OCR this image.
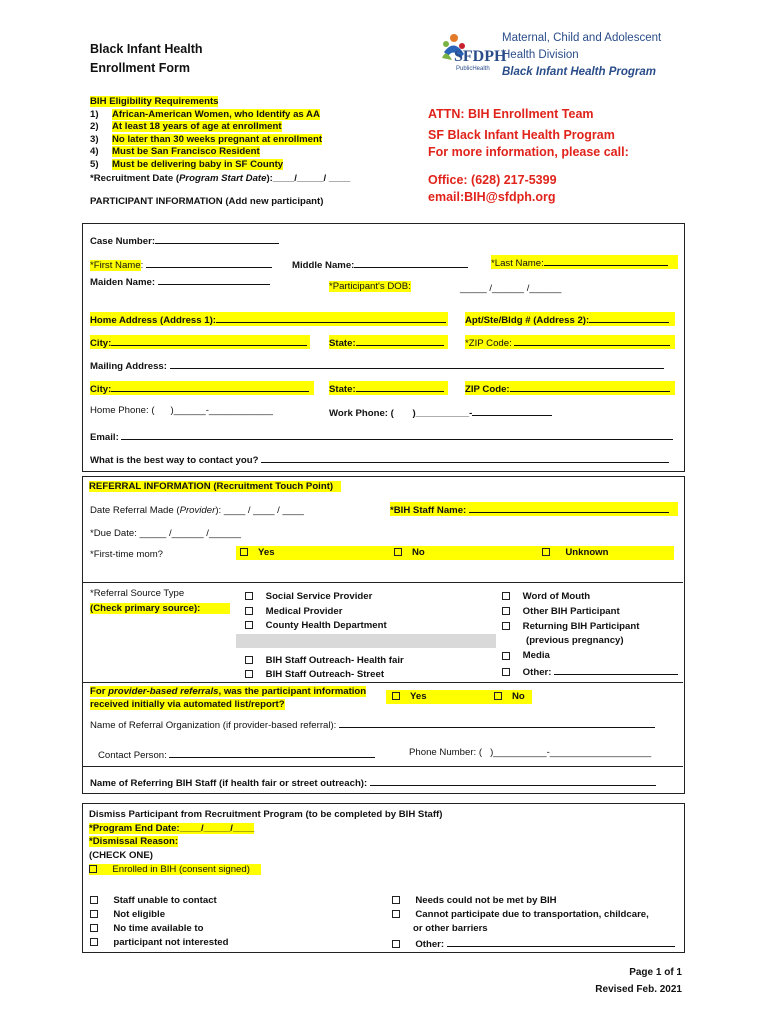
Black Infant Health
Enrollment Form
SFDPH
PublicHealth
Maternal, Child and Adolescent
Health Division
Black Infant Health Program
BIH Eligibility Requirements
1) African-American Women, who Identify as AA
2) At least 18 years of age at enrollment
3) No later than 30 weeks pregnant at enrollment
4) Must be San Francisco Resident
5) Must be delivering baby in SF County
*Recruitment Date (Program Start Date):____/_____/ ____
ATTN: BIH Enrollment Team
SF Black Infant Health Program
For more information, please call:
Office: (628) 217-5399
email:BIH@sfdph.org
PARTICIPANT INFORMATION (Add new participant)
Case Number:
*First Name:	Middle Name:	*Last Name:
Maiden Name:	*Participant's DOB:	_____ /______ /______
Home Address (Address 1):	Apt/Ste/Bldg # (Address 2):
City:	State:	*ZIP Code:
Mailing Address:
City:	State:	ZIP Code:
Home Phone: ( )______-____________	Work Phone: ( )__________-
Email:
What is the best way to contact you?
REFERRAL INFORMATION (Recruitment Touch Point)
Date Referral Made (Provider): ____ / ____ / ____	*BIH Staff Name:
*Due Date: _____ /______ /______
*First-time mom?	Yes	No	Unknown
*Referral Source Type
(Check primary source):
Social Service Provider
Medical Provider
County Health Department
BIH Staff Outreach- Health fair
BIH Staff Outreach- Street
Word of Mouth
Other BIH Participant
Returning BIH Participant
(previous pregnancy)
Media
Other:
For provider-based referrals, was the participant information
received initially via automated list/report?
Yes	No
Name of Referral Organization (if provider-based referral):
Contact Person:	Phone Number: ( )__________-___________________
Name of Referring BIH Staff (if health fair or street outreach):
Dismiss Participant from Recruitment Program (to be completed by BIH Staff)
*Program End Date:____/_____/____
*Dismissal Reason:
(CHECK ONE)
Enrolled in BIH (consent signed)
Staff unable to contact
Not eligible
No time available to
participant not interested
Needs could not be met by BIH
Cannot participate due to transportation, childcare,
or other barriers
Other:
Page 1 of 1
Revised Feb. 2021
